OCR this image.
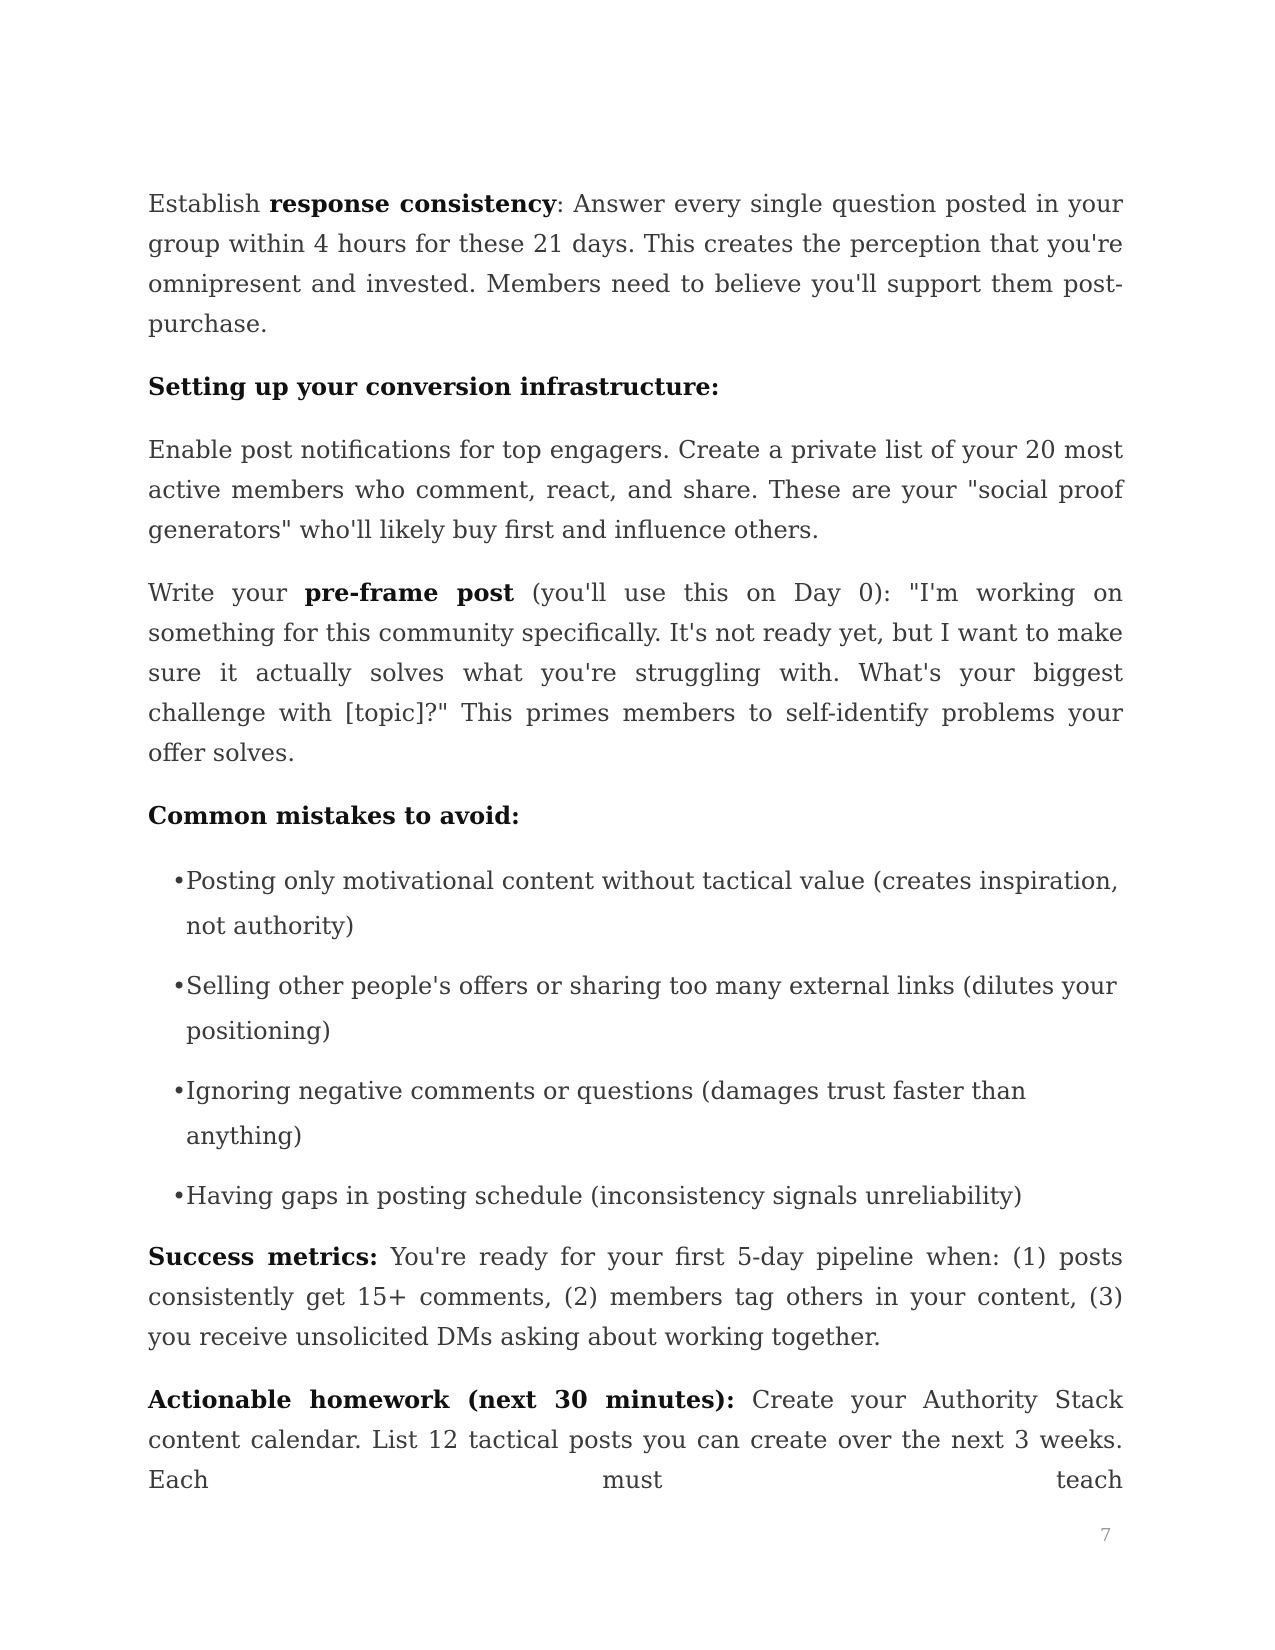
Establish response consistency: Answer every single question posted in your group within 4 hours for these 21 days. This creates the perception that you're omnipresent and invested. Members need to believe you'll support them post-purchase.

Setting up your conversion infrastructure:

Enable post notifications for top engagers. Create a private list of your 20 most active members who comment, react, and share. These are your "social proof generators" who'll likely buy first and influence others.

Write your pre-frame post (you'll use this on Day 0): "I'm working on something for this community specifically. It's not ready yet, but I want to make sure it actually solves what you're struggling with. What's your biggest challenge with [topic]?" This primes members to self-identify problems your offer solves.

Common mistakes to avoid:
• Posting only motivational content without tactical value (creates inspiration, not authority)
• Selling other people's offers or sharing too many external links (dilutes your positioning)
• Ignoring negative comments or questions (damages trust faster than anything)
• Having gaps in posting schedule (inconsistency signals unreliability)

Success metrics: You're ready for your first 5-day pipeline when: (1) posts consistently get 15+ comments, (2) members tag others in your content, (3) you receive unsolicited DMs asking about working together.

Actionable homework (next 30 minutes): Create your Authority Stack content calendar. List 12 tactical posts you can create over the next 3 weeks. Each must teach

7
